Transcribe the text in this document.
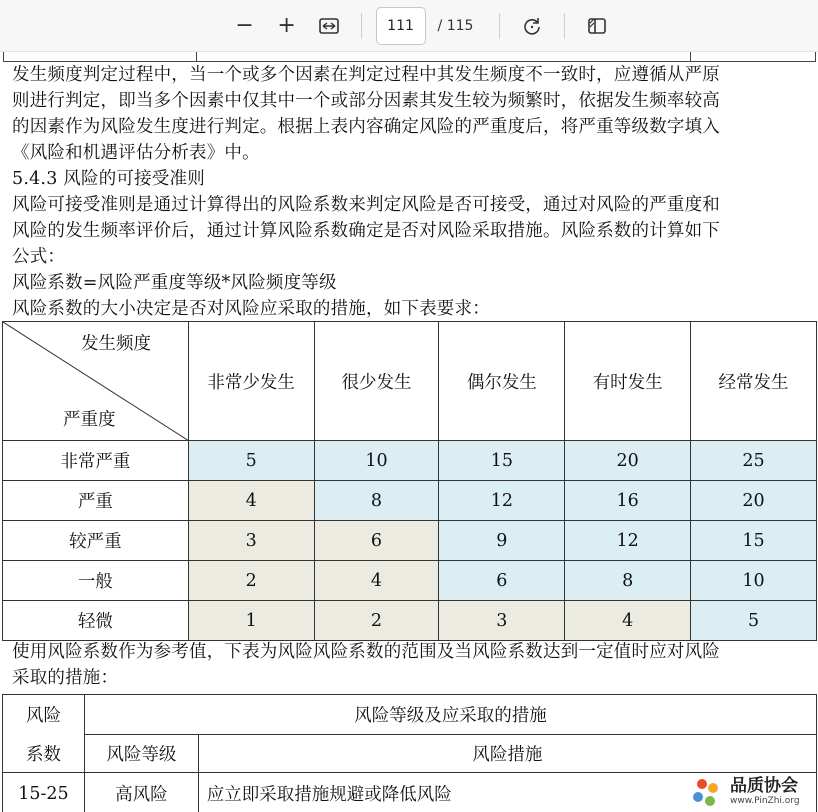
−	+
111	/ 115
发生频度判定过程中，当一个或多个因素在判定过程中其发生频度不一致时，应遵循从严原
则进行判定，即当多个因素中仅其中一个或部分因素其发生较为频繁时，依据发生频率较高
的因素作为风险发生度进行判定。根据上表内容确定风险的严重度后，将严重等级数字填入
《风险和机遇评估分析表》中。
5.4.3 风险的可接受准则
风险可接受准则是通过计算得出的风险系数来判定风险是否可接受，通过对风险的严重度和
风险的发生频率评价后，通过计算风险系数确定是否对风险采取措施。风险系数的计算如下
公式：
风险系数=风险严重度等级*风险频度等级
风险系数的大小决定是否对风险应采取的措施，如下表要求：
发生频度
严重度	非常少发生	很少发生	偶尔发生	有时发生	经常发生
非常严重	5	10	15	20	25
严重	4	8	12	16	20
较严重	3	6	9	12	15
一般	2	4	6	8	10
轻微	1	2	3	4	5
使用风险系数作为参考值，下表为风险风险系数的范围及当风险系数达到一定值时应对风险
采取的措施：
风险	风险等级及应采取的措施	
系数	风险等级	风险措施
15-25	高风险	应立即采取措施规避或降低风险	品质协会
www.PinZhi.org
